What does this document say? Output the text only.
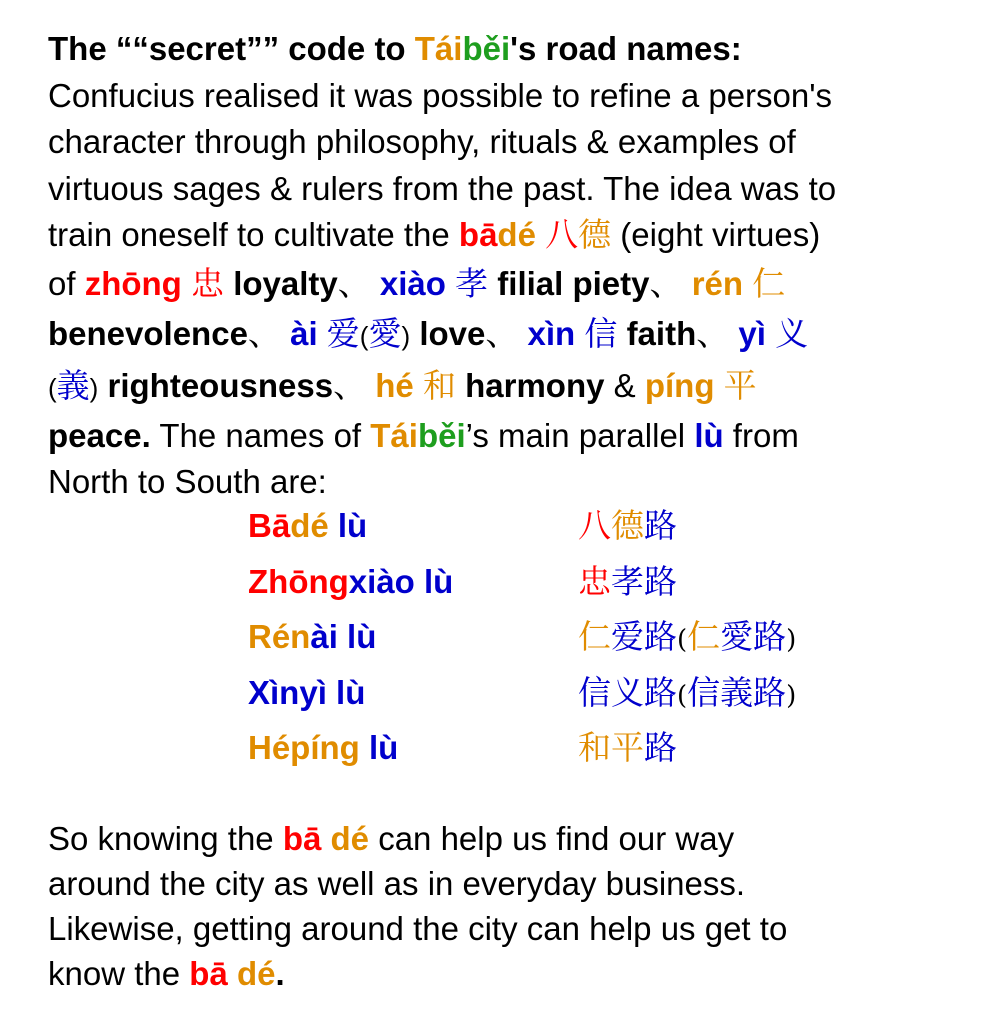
The ““secret”” code to Táiběi's road names:
Confucius realised it was possible to refine a person's
character through philosophy, rituals & examples of
virtuous sages & rulers from the past. The idea was to
train oneself to cultivate the bādé 八德 (eight virtues)
of zhōng 忠 loyalty、 xiào 孝 filial piety、 rén 仁
benevolence、 ài 爱(愛) love、 xìn 信 faith、 yì 义
(義) righteousness、 hé 和 harmony & píng 平
peace. The names of Táiběi’s main parallel lù from
North to South are:
Bādé lù	八德路
Zhōngxiào lù	忠孝路
Rénài lù	仁爱路(仁愛路)
Xìnyì lù	信义路(信義路)
Hépíng lù	和平路
So knowing the bā dé can help us find our way
around the city as well as in everyday business.
Likewise, getting around the city can help us get to
know the bā dé.
